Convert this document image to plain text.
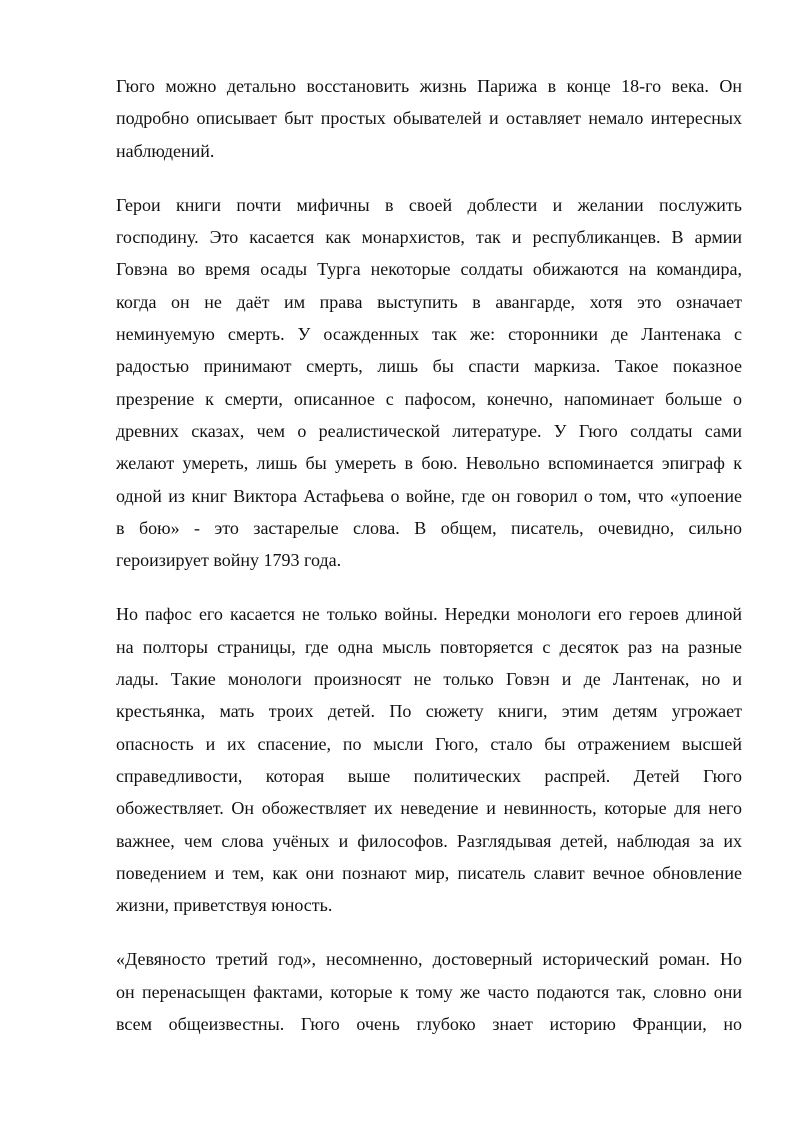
Гюго можно детально восстановить жизнь Парижа в конце 18-го века. Он
подробно описывает быт простых обывателей и оставляет немало интересных
наблюдений.
Герои книги почти мифичны в своей доблести и желании послужить
господину. Это касается как монархистов, так и республиканцев. В армии
Говэна во время осады Турга некоторые солдаты обижаются на командира,
когда он не даёт им права выступить в авангарде, хотя это означает
неминуемую смерть. У осажденных так же: сторонники де Лантенака с
радостью принимают смерть, лишь бы спасти маркиза. Такое показное
презрение к смерти, описанное с пафосом, конечно, напоминает больше о
древних сказах, чем о реалистической литературе. У Гюго солдаты сами
желают умереть, лишь бы умереть в бою. Невольно вспоминается эпиграф к
одной из книг Виктора Астафьева о войне, где он говорил о том, что «упоение
в бою» - это застарелые слова. В общем, писатель, очевидно, сильно
героизирует войну 1793 года.
Но пафос его касается не только войны. Нередки монологи его героев длиной
на полторы страницы, где одна мысль повторяется с десяток раз на разные
лады. Такие монологи произносят не только Говэн и де Лантенак, но и
крестьянка, мать троих детей. По сюжету книги, этим детям угрожает
опасность и их спасение, по мысли Гюго, стало бы отражением высшей
справедливости, которая выше политических распрей. Детей Гюго
обожествляет. Он обожествляет их неведение и невинность, которые для него
важнее, чем слова учёных и философов. Разглядывая детей, наблюдая за их
поведением и тем, как они познают мир, писатель славит вечное обновление
жизни, приветствуя юность.
«Девяносто третий год», несомненно, достоверный исторический роман. Но
он перенасыщен фактами, которые к тому же часто подаются так, словно они
всем общеизвестны. Гюго очень глубоко знает историю Франции, но
